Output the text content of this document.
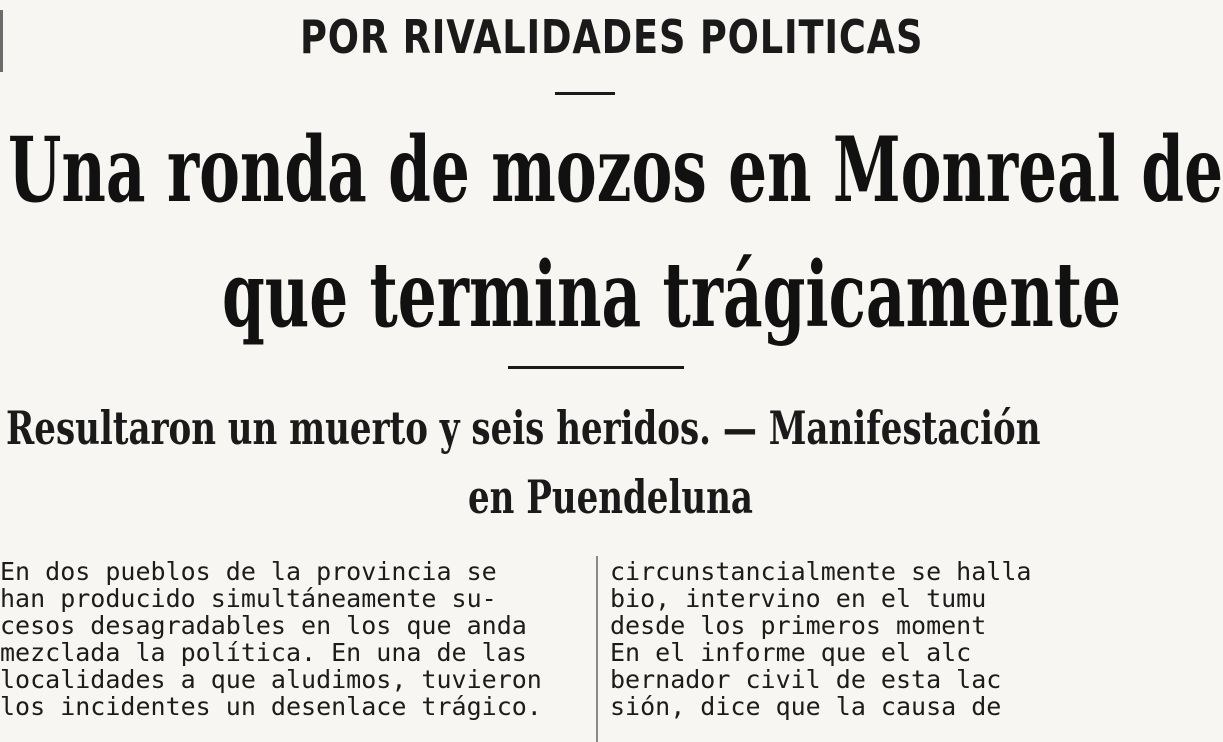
POR RIVALIDADES POLITICAS
Una ronda de mozos en Monreal de
que termina trágicamente
Resultaron un muerto y seis heridos. — Manifestación
en Puendeluna
En dos pueblos de la provincia se
han producido simultáneamente su-
cesos desagradables en los que anda
mezclada la política. En una de las
localidades a que aludimos, tuvieron
los incidentes un desenlace trágico.
circunstancialmente se halla
bio, intervino en el tumu
desde los primeros moment
En el informe que el alc
bernador civil de esta lac
sión, dice que la causa de
